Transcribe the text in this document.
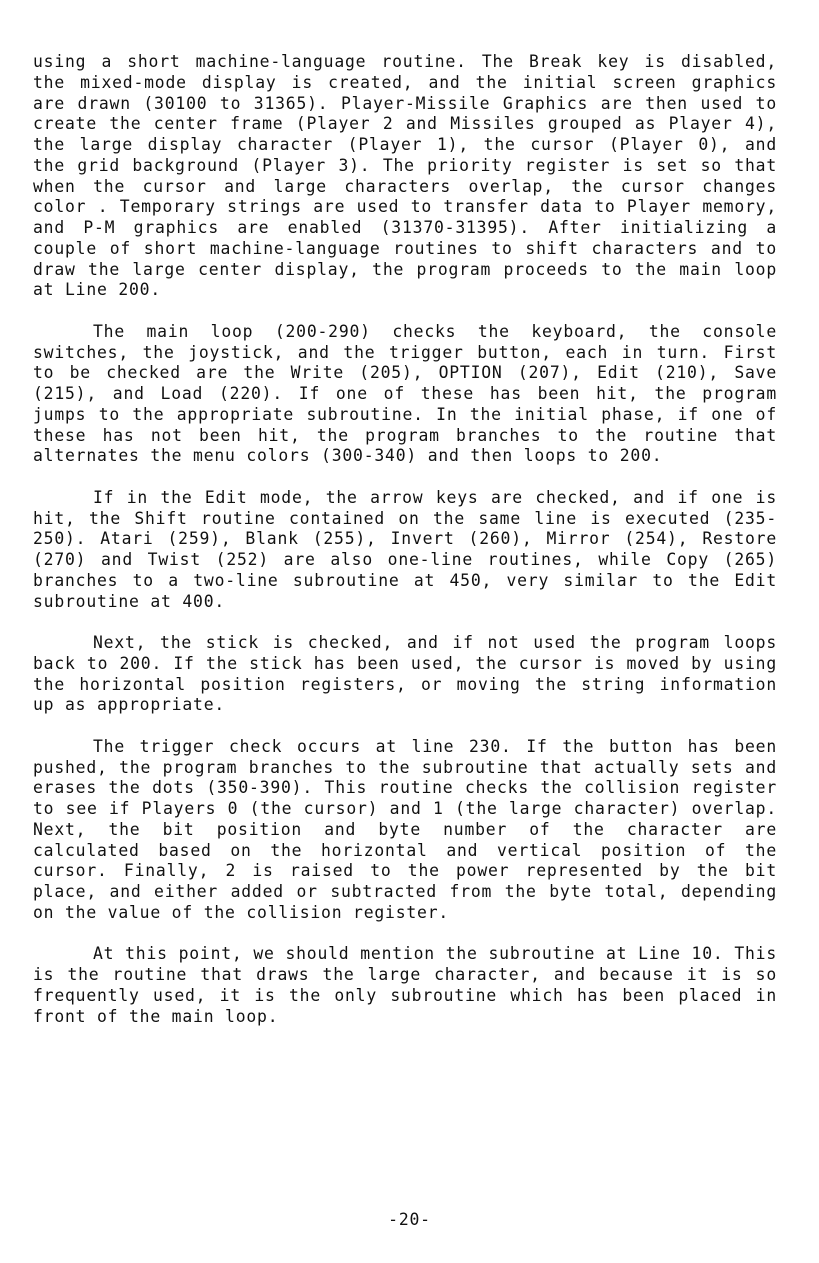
using a short machine-language routine. The Break key is disabled, the mixed-mode display is created, and the initial screen graphics are drawn (30100 to 31365). Player-Missile Graphics are then used to create the center frame (Player 2 and Missiles grouped as Player 4), the large display character (Player 1), the cursor (Player 0), and the grid background (Player 3). The priority register is set so that when the cursor and large characters overlap, the cursor changes color . Temporary strings are used to transfer data to Player memory, and P-M graphics are enabled (31370-31395). After initializing a couple of short machine-language routines to shift characters and to draw the large center display, the program proceeds to the main loop at Line 200.

The main loop (200-290) checks the keyboard, the console switches, the joystick, and the trigger button, each in turn. First to be checked are the Write (205), OPTION (207), Edit (210), Save (215), and Load (220). If one of these has been hit, the program jumps to the appropriate subroutine. In the initial phase, if one of these has not been hit, the program branches to the routine that alternates the menu colors (300-340) and then loops to 200.

If in the Edit mode, the arrow keys are checked, and if one is hit, the Shift routine contained on the same line is executed (235-250). Atari (259), Blank (255), Invert (260), Mirror (254), Restore (270) and Twist (252) are also one-line routines, while Copy (265) branches to a two-line subroutine at 450, very similar to the Edit subroutine at 400.

Next, the stick is checked, and if not used the program loops back to 200. If the stick has been used, the cursor is moved by using the horizontal position registers, or moving the string information up as appropriate.

The trigger check occurs at line 230. If the button has been pushed, the program branches to the subroutine that actually sets and erases the dots (350-390). This routine checks the collision register to see if Players 0 (the cursor) and 1 (the large character) overlap. Next, the bit position and byte number of the character are calculated based on the horizontal and vertical position of the cursor. Finally, 2 is raised to the power represented by the bit place, and either added or subtracted from the byte total, depending on the value of the collision register.

At this point, we should mention the subroutine at Line 10. This is the routine that draws the large character, and because it is so frequently used, it is the only subroutine which has been placed in front of the main loop.

-20-
